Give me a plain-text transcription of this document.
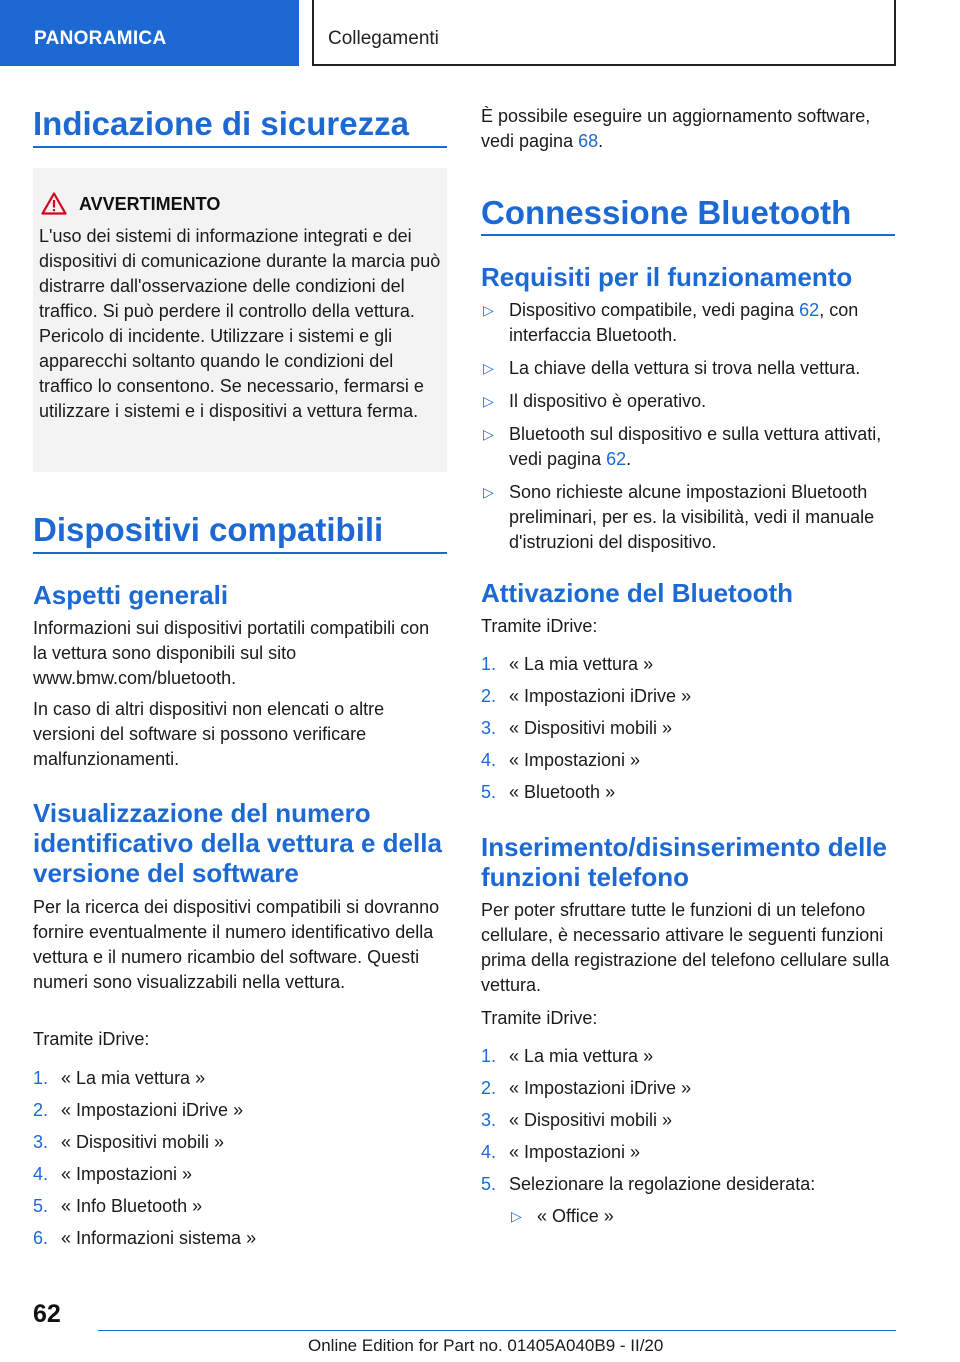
PANORAMICA	Collegamenti
Indicazione di sicurezza
AVVERTIMENTO
L'uso dei sistemi di informazione integrati e dei dispositivi di comunicazione durante la marcia può distrarre dall'osservazione delle condizioni del traffico. Si può perdere il controllo della vettura. Pericolo di incidente. Utilizzare i sistemi e gli apparecchi soltanto quando le condizioni del traffico lo consentono. Se necessario, fermarsi e utilizzare i sistemi e i dispositivi a vettura ferma.
Dispositivi compatibili
Aspetti generali
Informazioni sui dispositivi portatili compatibili con la vettura sono disponibili sul sito www.bmw.com/bluetooth.
In caso di altri dispositivi non elencati o altre versioni del software si possono verificare malfunzionamenti.
Visualizzazione del numero identificativo della vettura e della versione del software
Per la ricerca dei dispositivi compatibili si dovranno fornire eventualmente il numero identificativo della vettura e il numero ricambio del software. Questi numeri sono visualizzabili nella vettura.
Tramite iDrive:
1. « La mia vettura »
2. « Impostazioni iDrive »
3. « Dispositivi mobili »
4. « Impostazioni »
5. « Info Bluetooth »
6. « Informazioni sistema »
È possibile eseguire un aggiornamento software, vedi pagina 68.
Connessione Bluetooth
Requisiti per il funzionamento
▷ Dispositivo compatibile, vedi pagina 62, con interfaccia Bluetooth.
▷ La chiave della vettura si trova nella vettura.
▷ Il dispositivo è operativo.
▷ Bluetooth sul dispositivo e sulla vettura attivati, vedi pagina 62.
▷ Sono richieste alcune impostazioni Bluetooth preliminari, per es. la visibilità, vedi il manuale d'istruzioni del dispositivo.
Attivazione del Bluetooth
Tramite iDrive:
1. « La mia vettura »
2. « Impostazioni iDrive »
3. « Dispositivi mobili »
4. « Impostazioni »
5. « Bluetooth »
Inserimento/disinserimento delle funzioni telefono
Per poter sfruttare tutte le funzioni di un telefono cellulare, è necessario attivare le seguenti funzioni prima della registrazione del telefono cellulare sulla vettura.
Tramite iDrive:
1. « La mia vettura »
2. « Impostazioni iDrive »
3. « Dispositivi mobili »
4. « Impostazioni »
5. Selezionare la regolazione desiderata:
▷ « Office »
62
Online Edition for Part no. 01405A040B9 - II/20
